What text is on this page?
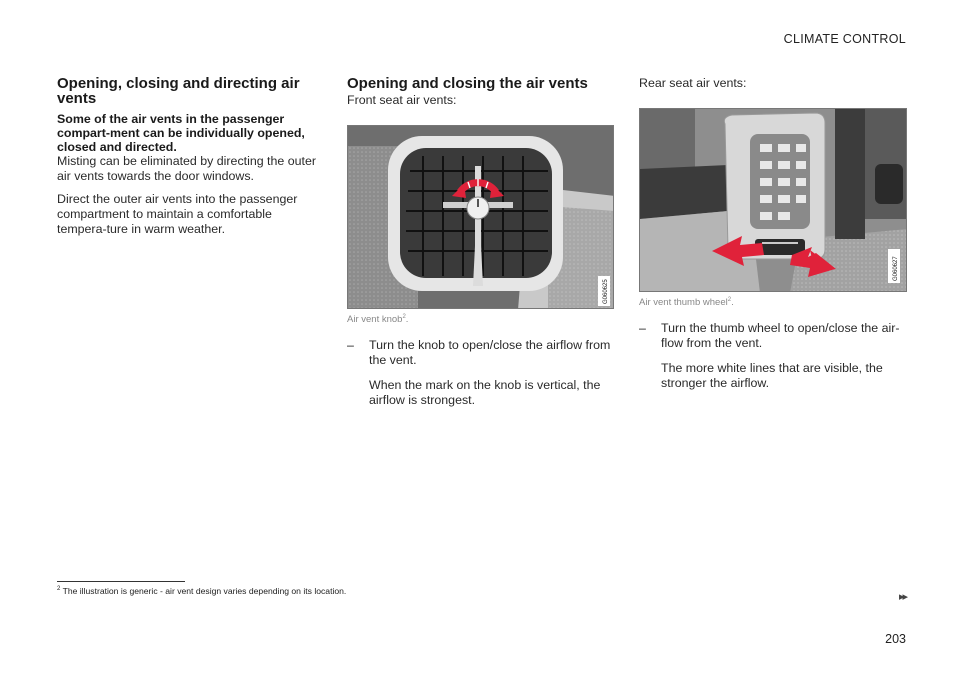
CLIMATE CONTROL
Opening, closing and directing air vents
Some of the air vents in the passenger compart-ment can be individually opened, closed and directed.

Misting can be eliminated by directing the outer air vents towards the door windows.

Direct the outer air vents into the passenger compartment to maintain a comfortable tempera-ture in warm weather.

Opening and closing the air vents

Front seat air vents:

G060625
Air vent knob$^2$.
–	Turn the knob to open/close the airflow from the vent.

When the mark on the knob is vertical, the airflow is strongest.

Rear seat air vents:

G060627
Air vent thumb wheel$^2$.
–	Turn the thumb wheel to open/close the air-flow from the vent.

The more white lines that are visible, the stronger the airflow.

$^2$ The illustration is generic - air vent design varies depending on its location.	▸▸
203
